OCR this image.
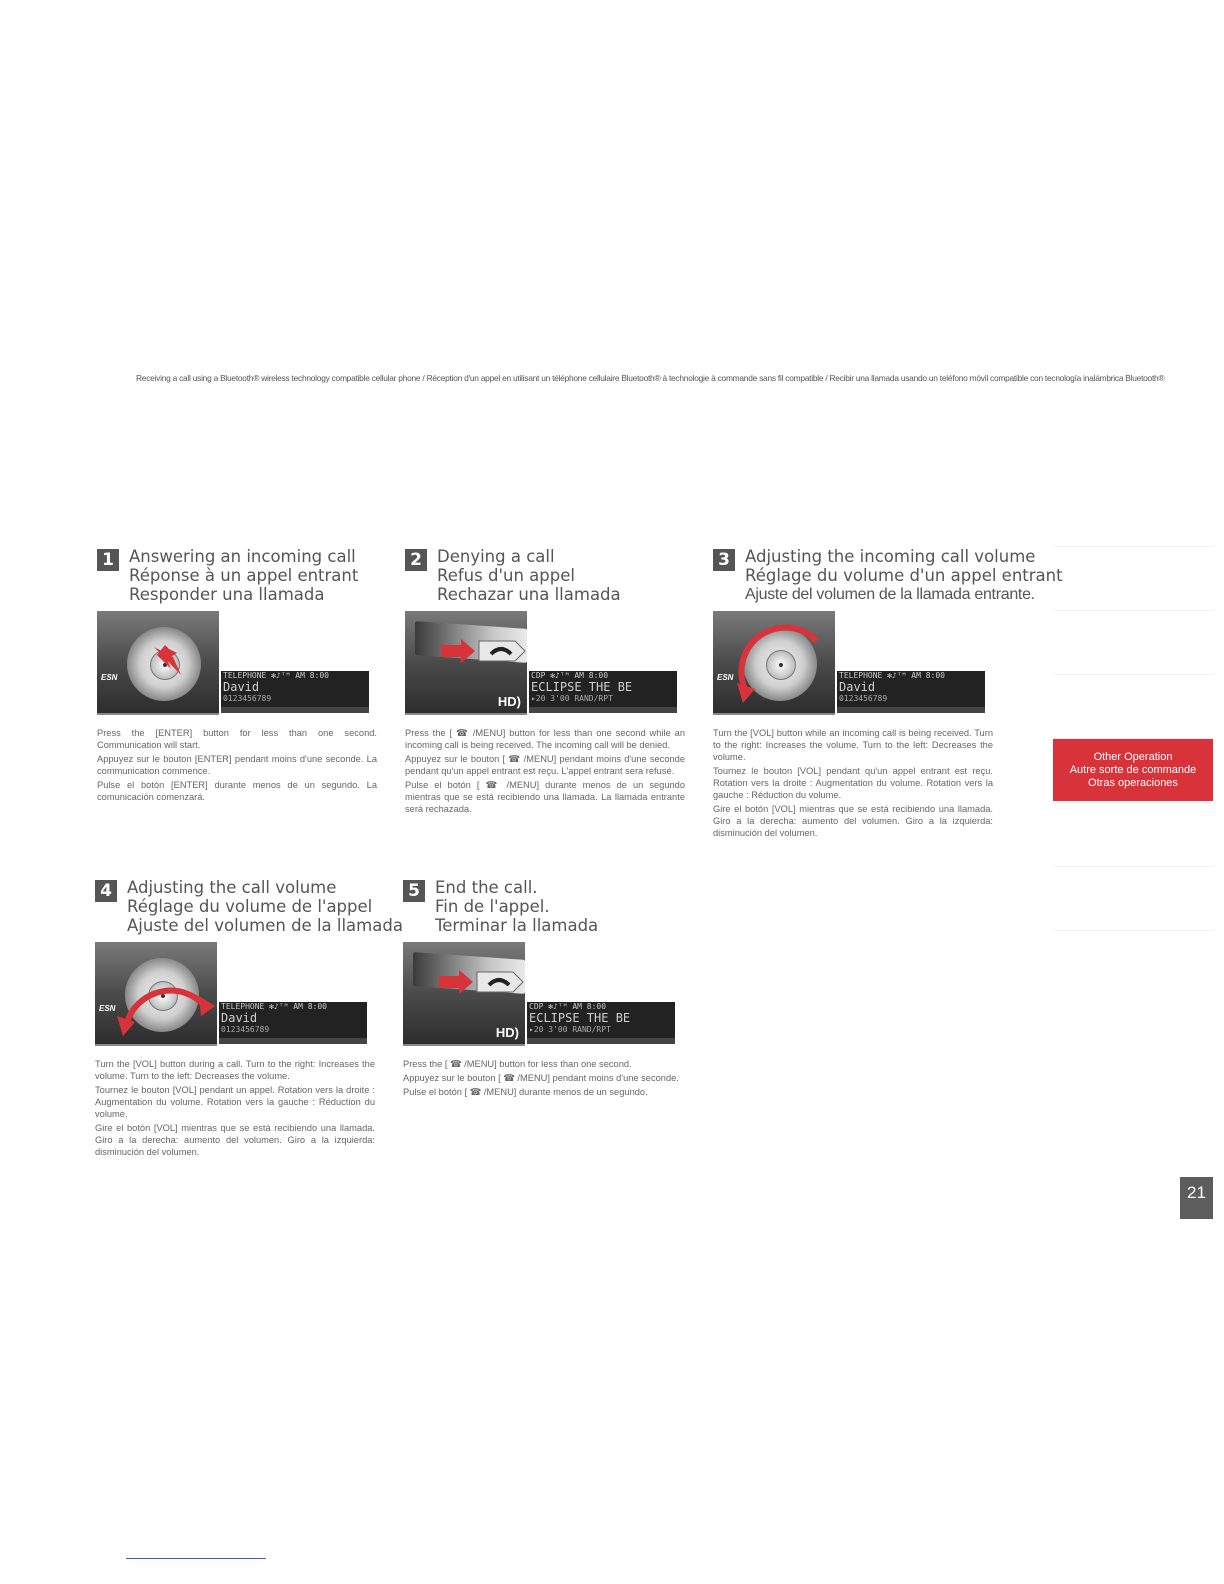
Receiving a call using a Bluetooth® wireless technology compatible cellular phone / Réception d'un appel en utilisant un téléphone cellulaire Bluetooth® à technologie à commande sans fil compatible / Recibir una llamada usando un teléfono móvil compatible con tecnología inalámbrica Bluetooth®
1 Answering an incoming call
Réponse à un appel entrant
Responder una llamada
ESN	TELEPHONE ✻♪ᵀᴹ AM 8:00
David
0123456789

Press the [ENTER] button for less than one second. Communication will start.

Appuyez sur le bouton [ENTER] pendant moins d'une seconde. La communication commence.

Pulse el botón [ENTER] durante menos de un segundo. La comunicación comenzará.

2 Denying a call
Refus d'un appel
Rechazar una llamada
HD)
CDP ✻♪ᵀᴹ AM 8:00
ECLIPSE THE BE
▸20 3'00 RAND/RPT

Press the [ ☎ /MENU] button for less than one second while an incoming call is being received. The incoming call will be denied.

Appuyez sur le bouton [ ☎ /MENU] pendant moins d'une seconde pendant qu'un appel entrant est reçu. L'appel entrant sera refusé.

Pulse el botón [ ☎ /MENU] durante menos de un segundo mientras que se está recibiendo una llamada. La llamada entrante será rechazada.

3 Adjusting the incoming call volume
Réglage du volume d'un appel entrant
Ajuste del volumen de la llamada entrante.
ESN	TELEPHONE ✻♪ᵀᴹ AM 8:00
David
0123456789

Turn the [VOL] button while an incoming call is being received. Turn to the right: Increases the volume. Turn to the left: Decreases the volume.

Tournez le bouton [VOL] pendant qu'un appel entrant est reçu. Rotation vers la droite : Augmentation du volume. Rotation vers la gauche : Réduction du volume.

Gire el botón [VOL] mientras que se está recibiendo una llamada. Giro a la derecha: aumento del volumen. Giro a la izquierda: disminución del volumen.

4 Adjusting the call volume
Réglage du volume de l'appel
Ajuste del volumen de la llamada
ESN	TELEPHONE ✻♪ᵀᴹ AM 8:00
David
0123456789

Turn the [VOL] button during a call. Turn to the right: Increases the volume. Turn to the left: Decreases the volume.

Tournez le bouton [VOL] pendant un appel. Rotation vers la droite : Augmentation du volume. Rotation vers la gauche : Réduction du volume.

Gire el botón [VOL] mientras que se está recibiendo una llamada. Giro a la derecha: aumento del volumen. Giro a la izquierda: disminución del volumen.

5 End the call.
Fin de l'appel.
Terminar la llamada
HD)
CDP ✻♪ᵀᴹ AM 8:00
ECLIPSE THE BE
▸20 3'00 RAND/RPT

Press the [ ☎ /MENU] button for less than one second.

Appuyez sur le bouton [ ☎ /MENU] pendant moins d'une seconde.

Pulse el botón [ ☎ /MENU] durante menos de un segundo.

Other Operation
Autre sorte de commande
Otras operaciones
21
